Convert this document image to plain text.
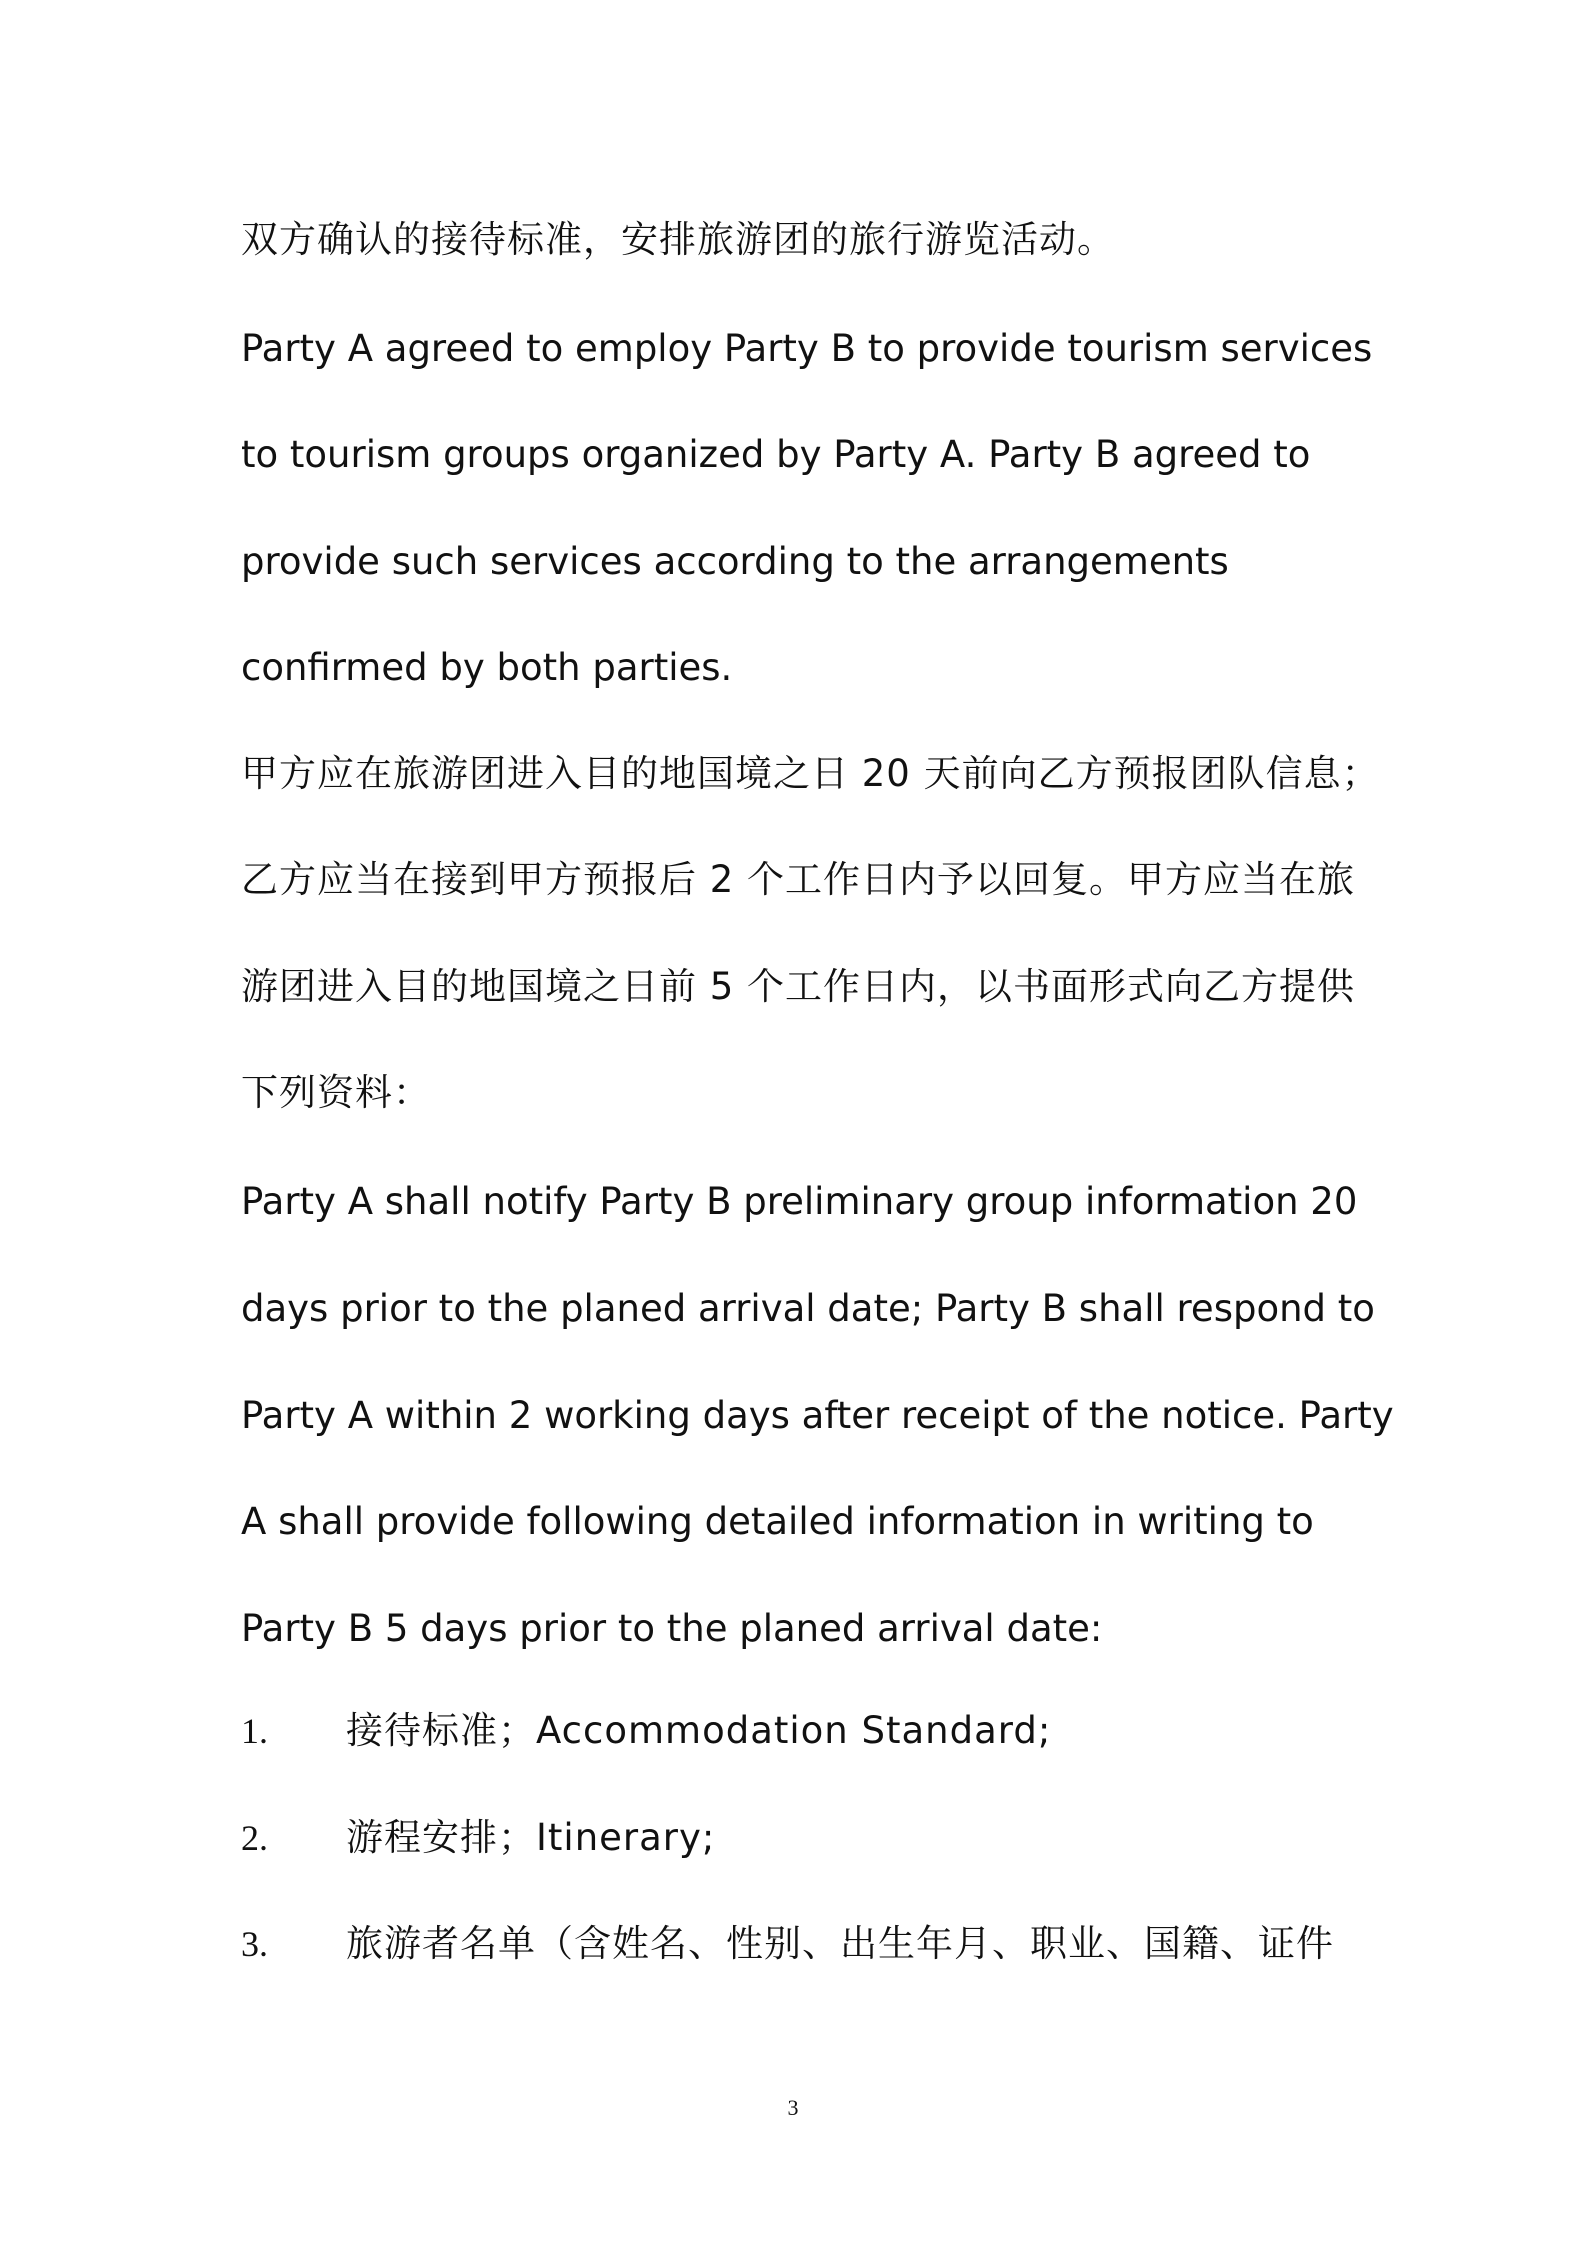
双方确认的接待标准，安排旅游团的旅行游览活动。
Party A agreed to employ Party B to provide tourism services
to tourism groups organized by Party A. Party B agreed to
provide such services according to the arrangements
confirmed by both parties.
甲方应在旅游团进入目的地国境之日 20 天前向乙方预报团队信息；
乙方应当在接到甲方预报后 2 个工作日内予以回复。甲方应当在旅
游团进入目的地国境之日前 5 个工作日内，以书面形式向乙方提供
下列资料：
Party A shall notify Party B preliminary group information 20
days prior to the planed arrival date; Party B shall respond to
Party A within 2 working days after receipt of the notice. Party
A shall provide following detailed information in writing to
Party B 5 days prior to the planed arrival date:
1. 接待标准；Accommodation Standard;
2. 游程安排；Itinerary;
3. 旅游者名单（含姓名、性别、出生年月、职业、国籍、证件
3
